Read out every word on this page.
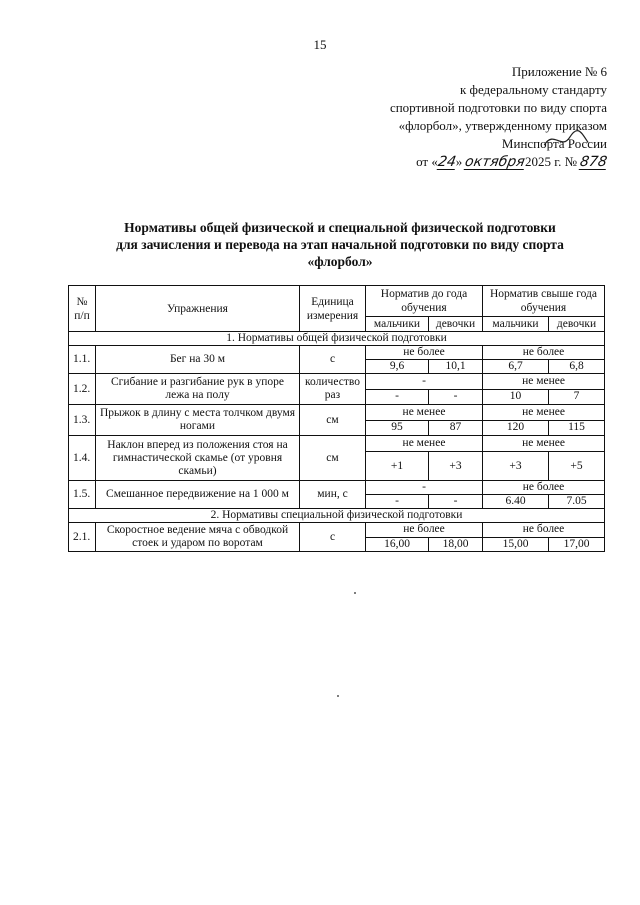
15
Приложение № 6
к федеральному стандарту
спортивной подготовки по виду спорта
«флорбол», утвержденному приказом
Минспорта России
от «24» октября2025 г. № 878
Нормативы общей физической и специальной физической подготовки
для зачисления и перевода на этап начальной подготовки по виду спорта
«флорбол»
№ п/п	Упражнения	Единица измерения	Норматив до года обучения		Норматив свыше года обучения	
			мальчики	девочки	мальчики	девочки
1. Нормативы общей физической подготовки						
1.1.	Бег на 30 м	с	не более		не более	
			9,6	10,1	6,7	6,8
1.2.	Сгибание и разгибание рук в упоре лежа на полу	количество раз	-		не менее	
			-	-	10	7
1.3.	Прыжок в длину с места толчком двумя ногами	см	не менее		не менее	
			95	87	120	115
1.4.	Наклон вперед из положения стоя на гимнастической скамье (от уровня скамьи)	см	не менее		не менее	
			+1	+3	+3	+5
1.5.	Смешанное передвижение на 1 000 м	мин, с	-		не более	
			-	-	6.40	7.05
2. Нормативы специальной физической подготовки						
2.1.	Скоростное ведение мяча с обводкой стоек и ударом по воротам	с	не более		не более	
			16,00	18,00	15,00	17,00
